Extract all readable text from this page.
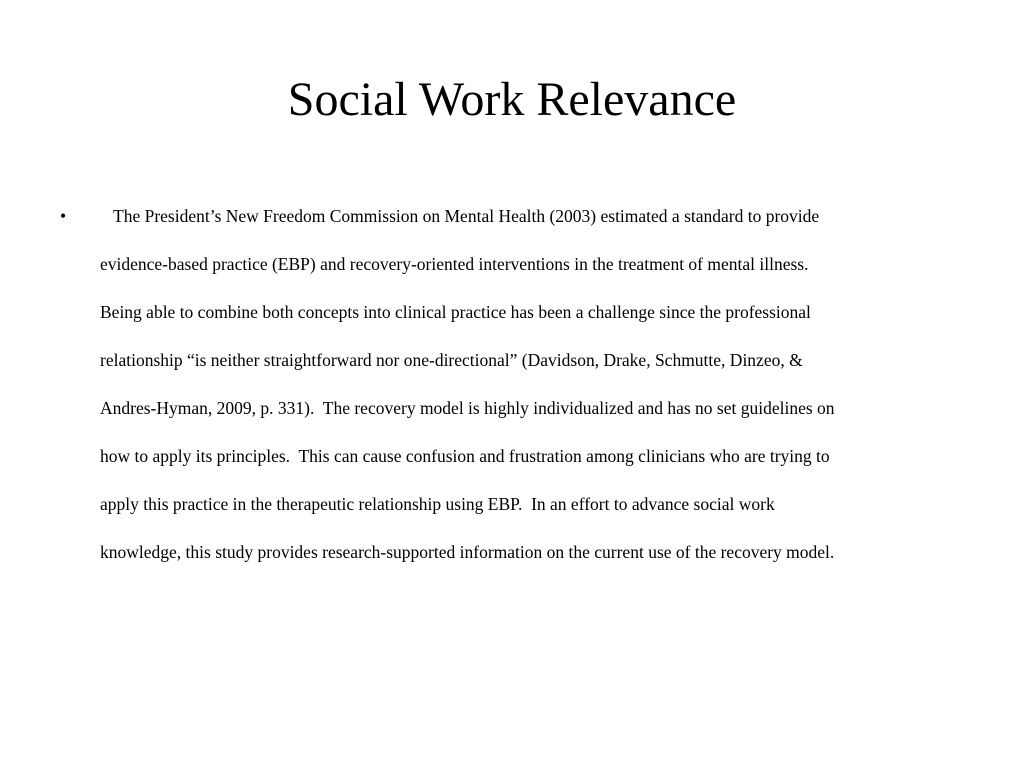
Social Work Relevance
•	The President’s New Freedom Commission on Mental Health (2003) estimated a standard to provide
evidence-based practice (EBP) and recovery-oriented interventions in the treatment of mental illness.
Being able to combine both concepts into clinical practice has been a challenge since the professional
relationship “is neither straightforward nor one-directional” (Davidson, Drake, Schmutte, Dinzeo, &
Andres-Hyman, 2009, p. 331).  The recovery model is highly individualized and has no set guidelines on
how to apply its principles.  This can cause confusion and frustration among clinicians who are trying to
apply this practice in the therapeutic relationship using EBP.  In an effort to advance social work
knowledge, this study provides research-supported information on the current use of the recovery model.
